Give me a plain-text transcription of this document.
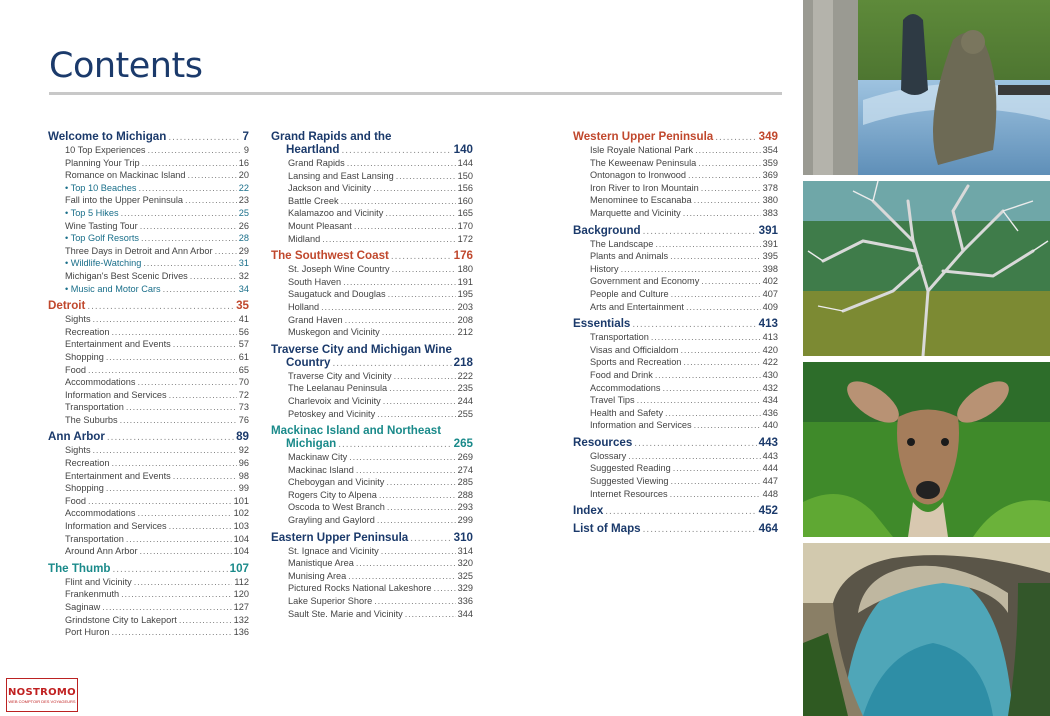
Contents
Welcome to Michigan .....	7
10 Top Experiences .....	9
Planning Your Trip .....	16
Romance on Mackinac Island .....	20
• Top 10 Beaches .....	22
Fall into the Upper Peninsula .....	23
• Top 5 Hikes .....	25
Wine Tasting Tour .....	26
• Top Golf Resorts .....	28
Three Days in Detroit and Ann Arbor .....	29
• Wildlife-Watching .....	31
Michigan's Best Scenic Drives .....	32
• Music and Motor Cars .....	34
Detroit .....	35
Sights .....	41
Recreation .....	56
Entertainment and Events .....	57
Shopping .....	61
Food .....	65
Accommodations .....	70
Information and Services .....	72
Transportation .....	73
The Suburbs .....	76
Ann Arbor .....	89
Sights .....	92
Recreation .....	96
Entertainment and Events .....	98
Shopping .....	99
Food .....	101
Accommodations .....	102
Information and Services .....	103
Transportation .....	104
Around Ann Arbor .....	104
The Thumb .....	107
Flint and Vicinity .....	112
Frankenmuth .....	120
Saginaw .....	127
Grindstone City to Lakeport .....	132
Port Huron .....	136
Grand Rapids and the
Heartland .....	140
Grand Rapids .....	144
Lansing and East Lansing .....	150
Jackson and Vicinity .....	156
Battle Creek .....	160
Kalamazoo and Vicinity .....	165
Mount Pleasant .....	170
Midland .....	172
The Southwest Coast .....	176
St. Joseph Wine Country .....	180
South Haven .....	191
Saugatuck and Douglas .....	195
Holland .....	203
Grand Haven .....	208
Muskegon and Vicinity .....	212
Traverse City and Michigan Wine
Country .....	218
Traverse City and Vicinity .....	222
The Leelanau Peninsula .....	235
Charlevoix and Vicinity .....	244
Petoskey and Vicinity .....	255
Mackinac Island and Northeast
Michigan .....	265
Mackinaw City .....	269
Mackinac Island .....	274
Cheboygan and Vicinity .....	285
Rogers City to Alpena .....	288
Oscoda to West Branch .....	293
Grayling and Gaylord .....	299
Eastern Upper Peninsula .....	310
St. Ignace and Vicinity .....	314
Manistique Area .....	320
Munising Area .....	325
Pictured Rocks National Lakeshore .....	329
Lake Superior Shore .....	336
Sault Ste. Marie and Vicinity .....	344
Western Upper Peninsula .....	349
Isle Royale National Park .....	354
The Keweenaw Peninsula .....	359
Ontonagon to Ironwood .....	369
Iron River to Iron Mountain .....	378
Menominee to Escanaba .....	380
Marquette and Vicinity .....	383
Background .....	391
The Landscape .....	391
Plants and Animals .....	395
History .....	398
Government and Economy .....	402
People and Culture .....	407
Arts and Entertainment .....	409
Essentials .....	413
Transportation .....	413
Visas and Officialdom .....	420
Sports and Recreation .....	422
Food and Drink .....	430
Accommodations .....	432
Travel Tips .....	434
Health and Safety .....	436
Information and Services .....	440
Resources .....	443
Glossary .....	443
Suggested Reading .....	444
Suggested Viewing .....	447
Internet Resources .....	448
Index .....	452
List of Maps .....	464
NOSTROMO
WEB COMPTOIR DES VOYAGEURS
